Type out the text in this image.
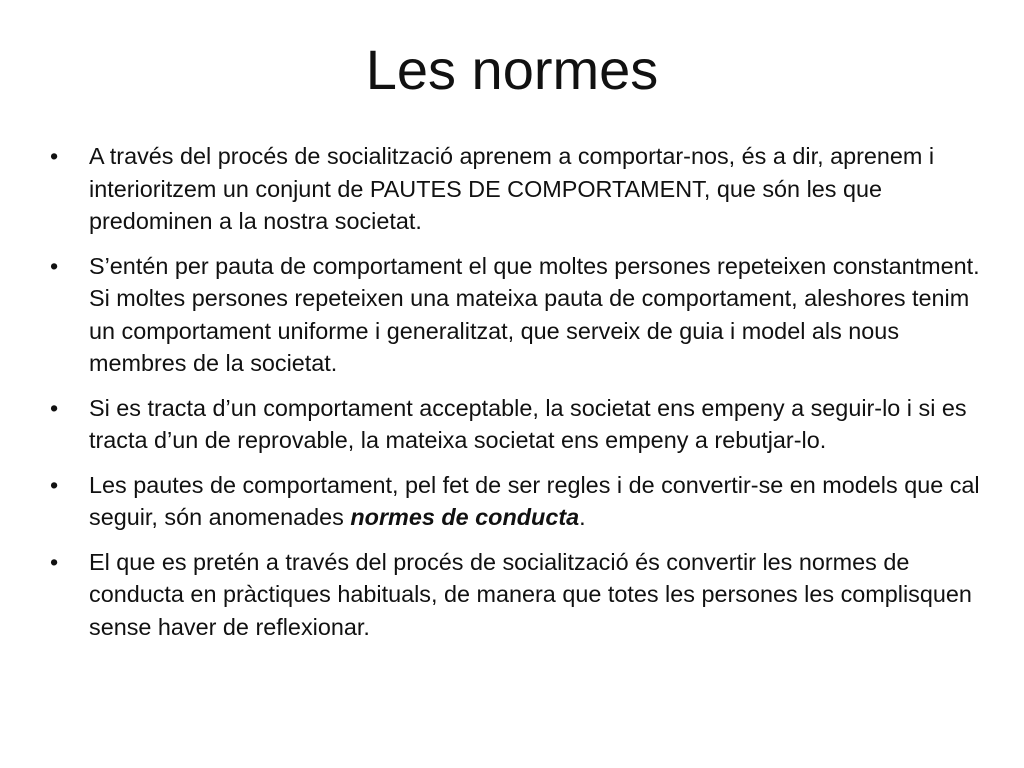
Les normes
•	A través del procés de socialització aprenem a comportar-nos, és a dir, aprenem i interioritzem un conjunt de PAUTES DE COMPORTAMENT, que són les que predominen a la nostra societat.
•	S’entén per pauta de comportament el que moltes persones repeteixen constantment. Si moltes persones repeteixen una mateixa pauta de comportament, aleshores tenim un comportament uniforme i generalitzat, que serveix de guia i model als nous membres de la societat.
•	Si es tracta d’un comportament acceptable, la societat ens empeny a seguir-lo i si es tracta d’un de reprovable, la mateixa societat ens empeny a rebutjar-lo.
•	Les pautes de comportament, pel fet de ser regles i de convertir-se en models que cal seguir, són anomenades normes de conducta.
•	El que es pretén a través del procés de socialització és convertir les normes de conducta en pràctiques habituals, de manera que totes les persones les complisquen sense haver de reflexionar.
